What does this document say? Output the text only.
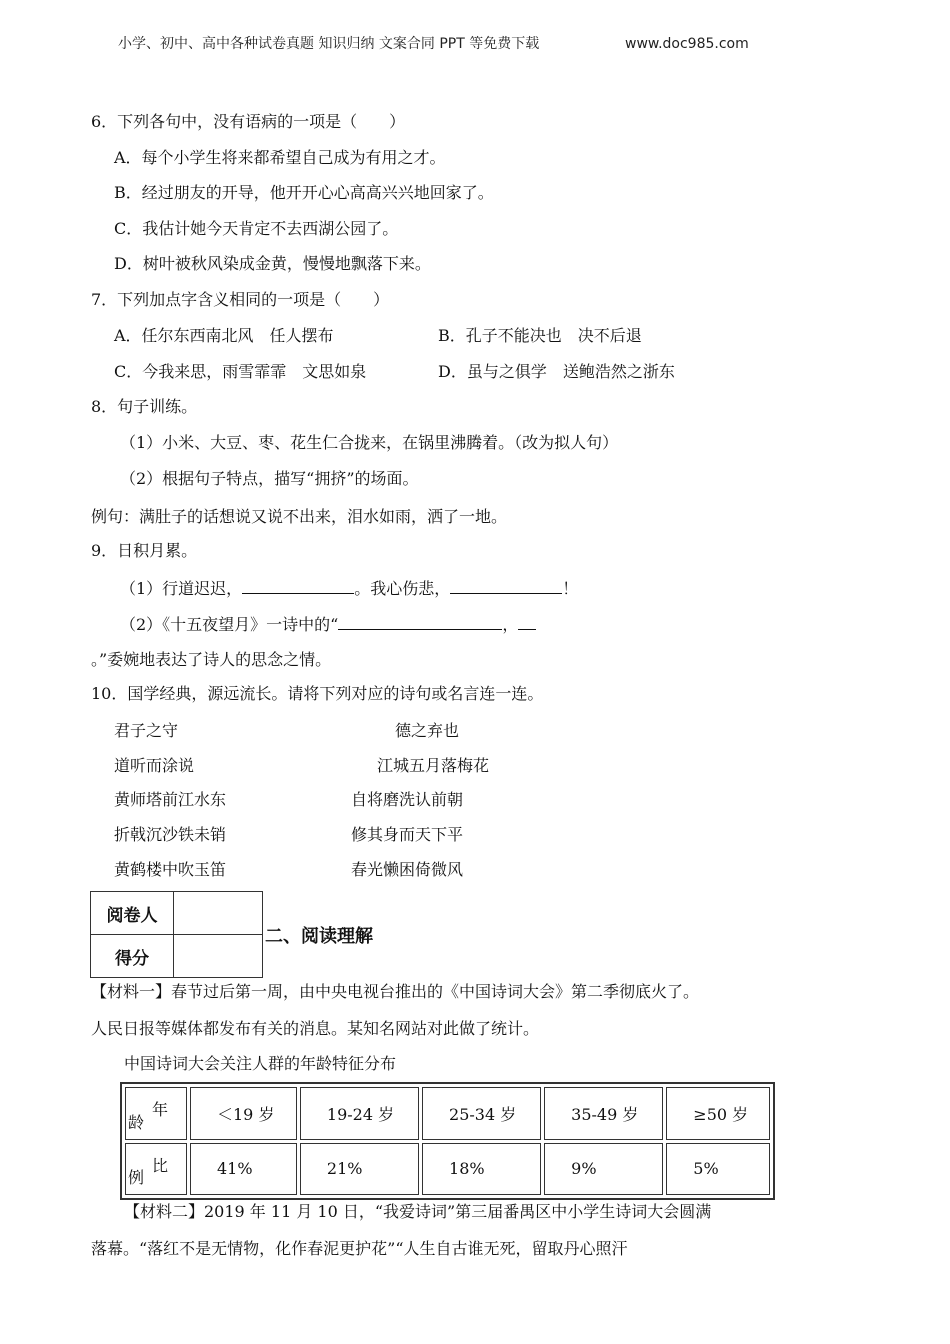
小学、初中、高中各种试卷真题 知识归纳 文案合同 PPT 等免费下载	www.doc985.com
6．下列各句中，没有语病的一项是（　　）
A．每个小学生将来都希望自己成为有用之才。
B．经过朋友的开导，他开开心心高高兴兴地回家了。
C．我估计她今天肯定不去西湖公园了。
D．树叶被秋风染成金黄，慢慢地飘落下来。
7．下列加点字含义相同的一项是（　　）
A．任尔东西南北风　任人摆布	B．孔子不能决也　决不后退
C．今我来思，雨雪霏霏　文思如泉	D．虽与之俱学　送鲍浩然之浙东
8．句子训练。
（1）小米、大豆、枣、花生仁合拢来，在锅里沸腾着。（改为拟人句）
（2）根据句子特点，描写“拥挤”的场面。
例句：满肚子的话想说又说不出来，泪水如雨，洒了一地。
9．日积月累。
（1）行道迟迟，	。我心伤悲，	！
（2）《十五夜望月》一诗中的“	，
。”委婉地表达了诗人的思念之情。
10．国学经典，源远流长。请将下列对应的诗句或名言连一连。
君子之守	德之弃也
道听而涂说	江城五月落梅花
黄师塔前江水东	自将磨洗认前朝
折戟沉沙铁未销	修其身而天下平
黄鹤楼中吹玉笛	春光懒困倚微风
阅卷人	
得分	
二、阅读理解
【材料一】春节过后第一周，由中央电视台推出的《中国诗词大会》第二季彻底火了。
人民日报等媒体都发布有关的消息。某知名网站对此做了统计。
中国诗词大会关注人群的年龄特征分布
年
龄	＜19 岁	19-24 岁	25-34 岁	35-49 岁	≥50 岁

比
例	41%	21%	18%	9%	5%
【材料二】2019 年 11 月 10 日，“我爱诗词”第三届番禺区中小学生诗词大会圆满
落幕。“落红不是无情物，化作春泥更护花”“人生自古谁无死，留取丹心照汗
